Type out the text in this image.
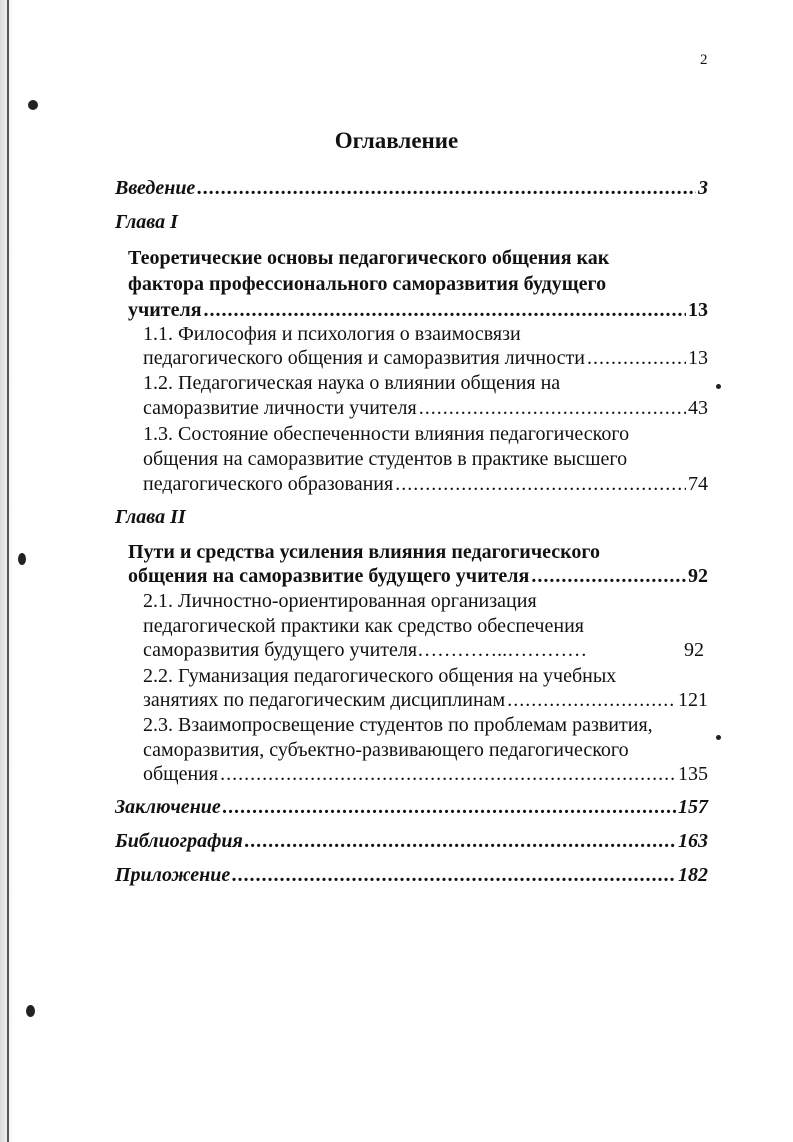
2
Оглавление
Введение .....	3
Глава I
Теоретические основы педагогического общения как
фактора профессионального саморазвития будущего
учителя .....	13
1.1. Философия и психология о взаимосвязи
педагогического общения и саморазвития личности .....	13
1.2. Педагогическая наука о влиянии общения на
саморазвитие личности учителя .....	43
1.3. Состояние обеспеченности влияния педагогического
общения на саморазвитие студентов в практике высшего
педагогического образования .....	74
Глава II
Пути и средства усиления влияния педагогического
общения на саморазвитие будущего учителя .....	92
2.1. Личностно-ориентированная организация
педагогической практики как средство обеспечения
саморазвития будущего учителя…………..…………	92
2.2. Гуманизация педагогического общения на учебных
занятиях по педагогическим дисциплинам .....	121
2.3. Взаимопросвещение студентов по проблемам развития,
саморазвития, субъектно-развивающего педагогического
общения .....	135
Заключение .....	157
Библиография .....	163
Приложение .....	182
